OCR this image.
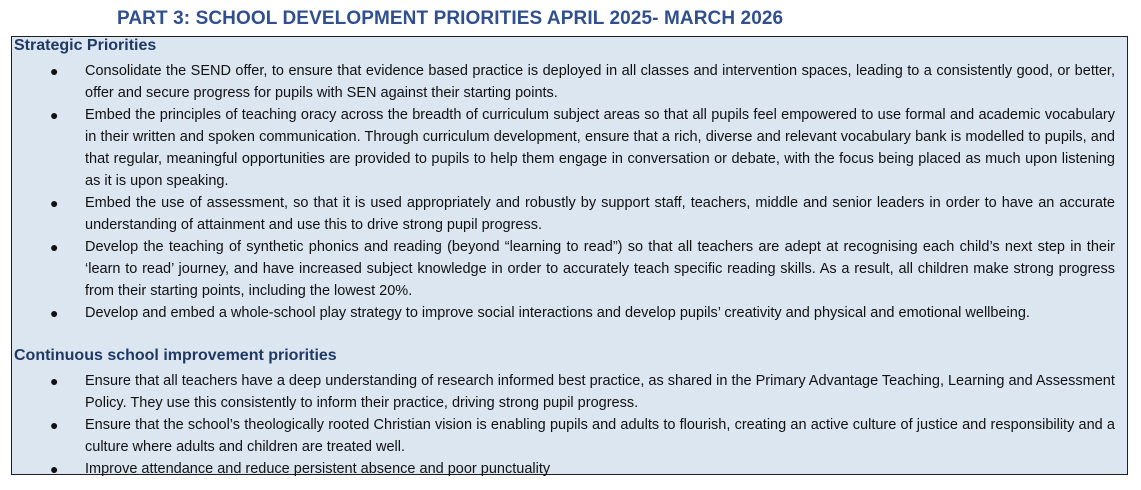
PART 3: SCHOOL DEVELOPMENT PRIORITIES APRIL 2025- MARCH 2026
Strategic Priorities
● Consolidate the SEND offer, to ensure that evidence based practice is deployed in all classes and intervention spaces, leading to a consistently good, or better, offer and secure progress for pupils with SEN against their starting points.
● Embed the principles of teaching oracy across the breadth of curriculum subject areas so that all pupils feel empowered to use formal and academic vocabulary in their written and spoken communication. Through curriculum development, ensure that a rich, diverse and relevant vocabulary bank is modelled to pupils, and that regular, meaningful opportunities are provided to pupils to help them engage in conversation or debate, with the focus being placed as much upon listening as it is upon speaking.
● Embed the use of assessment, so that it is used appropriately and robustly by support staff, teachers, middle and senior leaders in order to have an accurate understanding of attainment and use this to drive strong pupil progress.
● Develop the teaching of synthetic phonics and reading (beyond “learning to read”) so that all teachers are adept at recognising each child’s next step in their ‘learn to read’ journey, and have increased subject knowledge in order to accurately teach specific reading skills. As a result, all children make strong progress from their starting points, including the lowest 20%.
● Develop and embed a whole-school play strategy to improve social interactions and develop pupils’ creativity and physical and emotional wellbeing.
Continuous school improvement priorities
● Ensure that all teachers have a deep understanding of research informed best practice, as shared in the Primary Advantage Teaching, Learning and Assessment Policy. They use this consistently to inform their practice, driving strong pupil progress.
● Ensure that the school’s theologically rooted Christian vision is enabling pupils and adults to flourish, creating an active culture of justice and responsibility and a culture where adults and children are treated well.
● Improve attendance and reduce persistent absence and poor punctuality
